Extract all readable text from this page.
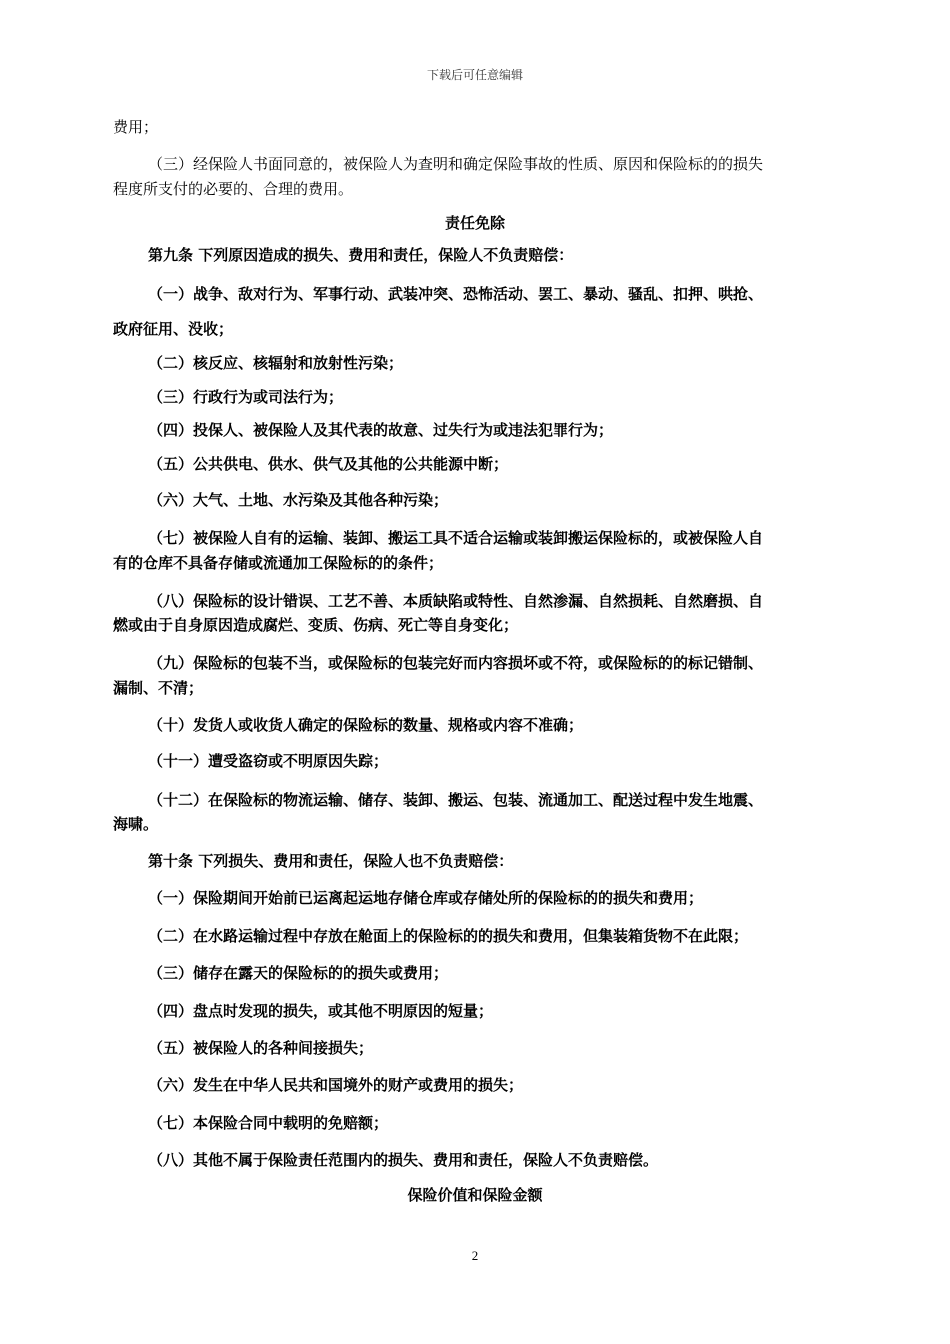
下载后可任意编辑
费用；
（三）经保险人书面同意的，被保险人为查明和确定保险事故的性质、原因和保险标的的损失
程度所支付的必要的、合理的费用。
责任免除
第九条 下列原因造成的损失、费用和责任，保险人不负责赔偿：
（一）战争、敌对行为、军事行动、武装冲突、恐怖活动、罢工、暴动、骚乱、扣押、哄抢、
政府征用、没收；
（二）核反应、核辐射和放射性污染；
（三）行政行为或司法行为；
（四）投保人、被保险人及其代表的故意、过失行为或违法犯罪行为；
（五）公共供电、供水、供气及其他的公共能源中断；
（六）大气、土地、水污染及其他各种污染；
（七）被保险人自有的运输、装卸、搬运工具不适合运输或装卸搬运保险标的，或被保险人自
有的仓库不具备存储或流通加工保险标的的条件；
（八）保险标的设计错误、工艺不善、本质缺陷或特性、自然渗漏、自然损耗、自然磨损、自
燃或由于自身原因造成腐烂、变质、伤病、死亡等自身变化；
（九）保险标的包装不当，或保险标的包装完好而内容损坏或不符，或保险标的的标记错制、
漏制、不清；
（十）发货人或收货人确定的保险标的数量、规格或内容不准确；
（十一）遭受盗窃或不明原因失踪；
（十二）在保险标的物流运输、储存、装卸、搬运、包装、流通加工、配送过程中发生地震、
海啸。
第十条 下列损失、费用和责任，保险人也不负责赔偿：
（一）保险期间开始前已运离起运地存储仓库或存储处所的保险标的的损失和费用；
（二）在水路运输过程中存放在舱面上的保险标的的损失和费用，但集装箱货物不在此限；
（三）储存在露天的保险标的的损失或费用；
（四）盘点时发现的损失，或其他不明原因的短量；
（五）被保险人的各种间接损失；
（六）发生在中华人民共和国境外的财产或费用的损失；
（七）本保险合同中载明的免赔额；
（八）其他不属于保险责任范围内的损失、费用和责任，保险人不负责赔偿。
保险价值和保险金额
2
